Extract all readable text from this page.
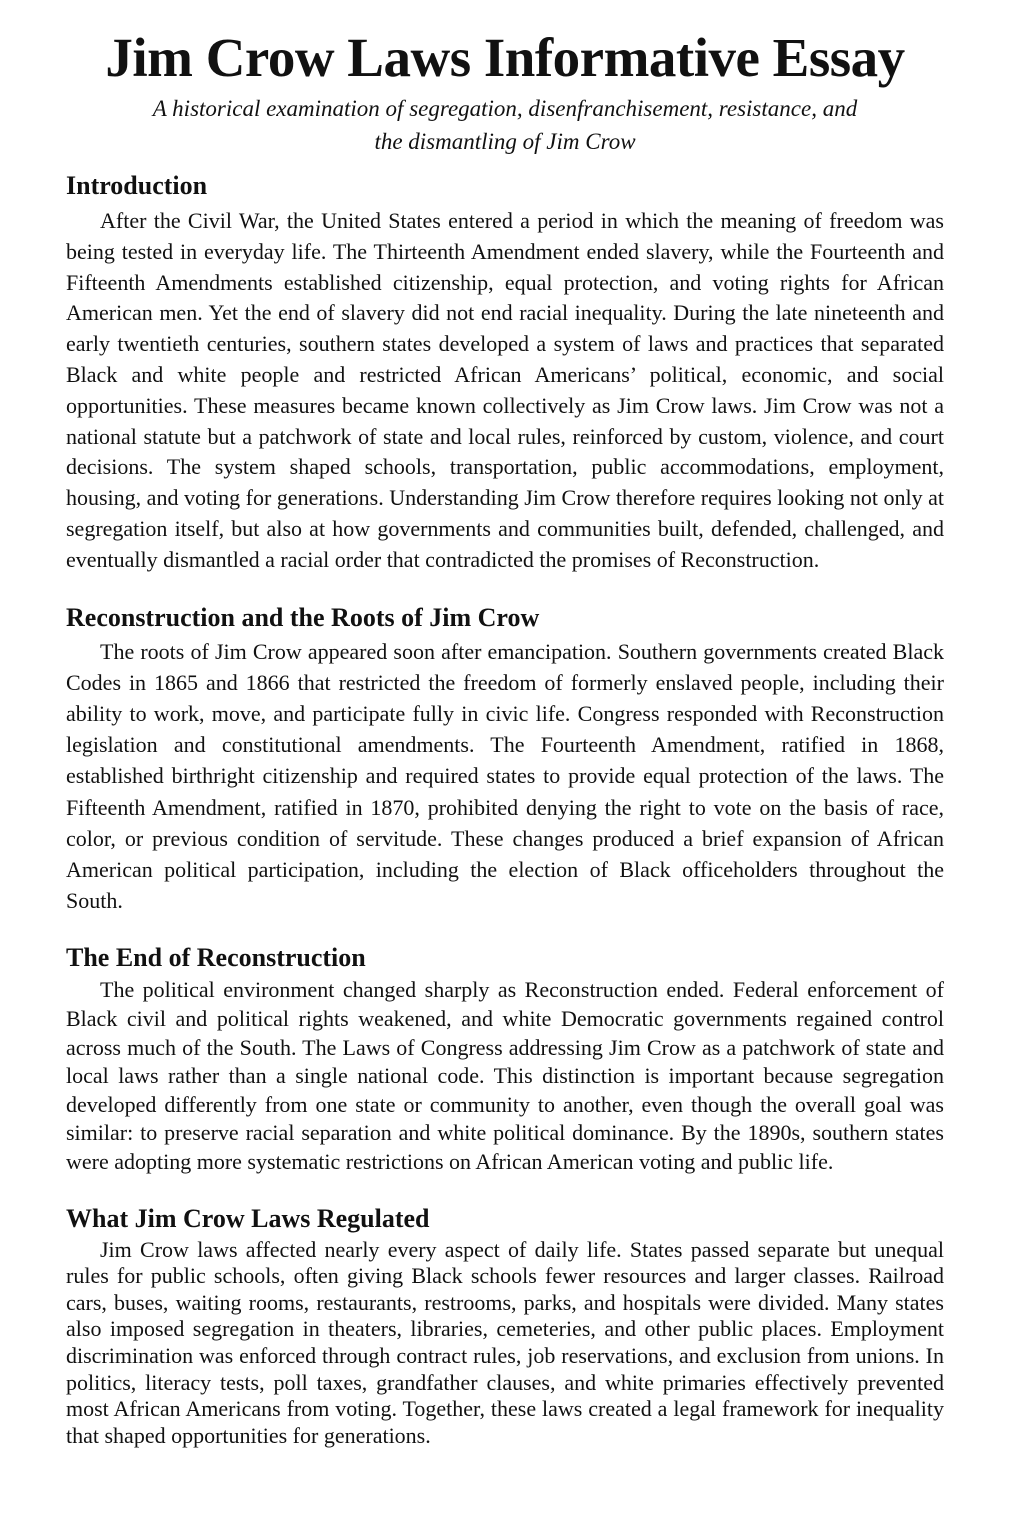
Jim Crow Laws Informative Essay

A historical examination of segregation, disenfranchisement, resistance, and the dismantling of Jim Crow

Introduction

After the Civil War, the United States entered a period in which the meaning of freedom was being tested in everyday life. The Thirteenth Amendment ended slavery, while the Fourteenth and Fifteenth Amendments established citizenship, equal protection, and voting rights for African American men. Yet the end of slavery did not end racial inequality. During the late nineteenth and early twentieth centuries, southern states developed a system of laws and practices that separated Black and white people and restricted African Americans’ political, economic, and social opportunities. These measures became known collectively as Jim Crow laws. Jim Crow was not a national statute but a patchwork of state and local rules, reinforced by custom, violence, and court decisions. The system shaped schools, transportation, public accommodations, employment, housing, and voting for generations. Understanding Jim Crow therefore requires looking not only at segregation itself, but also at how governments and communities built, defended, challenged, and eventually dismantled a racial order that contradicted the promises of Reconstruction.

Reconstruction and the Roots of Jim Crow

The roots of Jim Crow appeared soon after emancipation. Southern governments created Black Codes in 1865 and 1866 that restricted the freedom of formerly enslaved people, including their ability to work, move, and participate fully in civic life. Congress responded with Reconstruction legislation and constitutional amendments. The Fourteenth Amendment, ratified in 1868, established birthright citizenship and required states to provide equal protection of the laws. The Fifteenth Amendment, ratified in 1870, prohibited denying the right to vote on the basis of race, color, or previous condition of servitude. These changes produced a brief expansion of African American political participation, including the election of Black officeholders throughout the South.

The End of Reconstruction

The political environment changed sharply as Reconstruction ended. Federal enforcement of Black civil and political rights weakened, and white Democratic governments regained control across much of the South. The Laws of Congress addressing Jim Crow as a patchwork of state and local laws rather than a single national code. This distinction is important because segregation developed differently from one state or community to another, even though the overall goal was similar: to preserve racial separation and white political dominance. By the 1890s, southern states were adopting more systematic restrictions on African American voting and public life.

What Jim Crow Laws Regulated

Jim Crow laws affected nearly every aspect of daily life. States passed separate but unequal rules for public schools, often giving Black schools fewer resources and larger classes. Railroad cars, buses, waiting rooms, restaurants, restrooms, parks, and hospitals were divided. Many states also imposed segregation in theaters, libraries, cemeteries, and other public places. Employment discrimination was enforced through contract rules, job reservations, and exclusion from unions. In politics, literacy tests, poll taxes, grandfather clauses, and white primaries effectively prevented most African Americans from voting. Together, these laws created a legal framework for inequality that shaped opportunities for generations.
